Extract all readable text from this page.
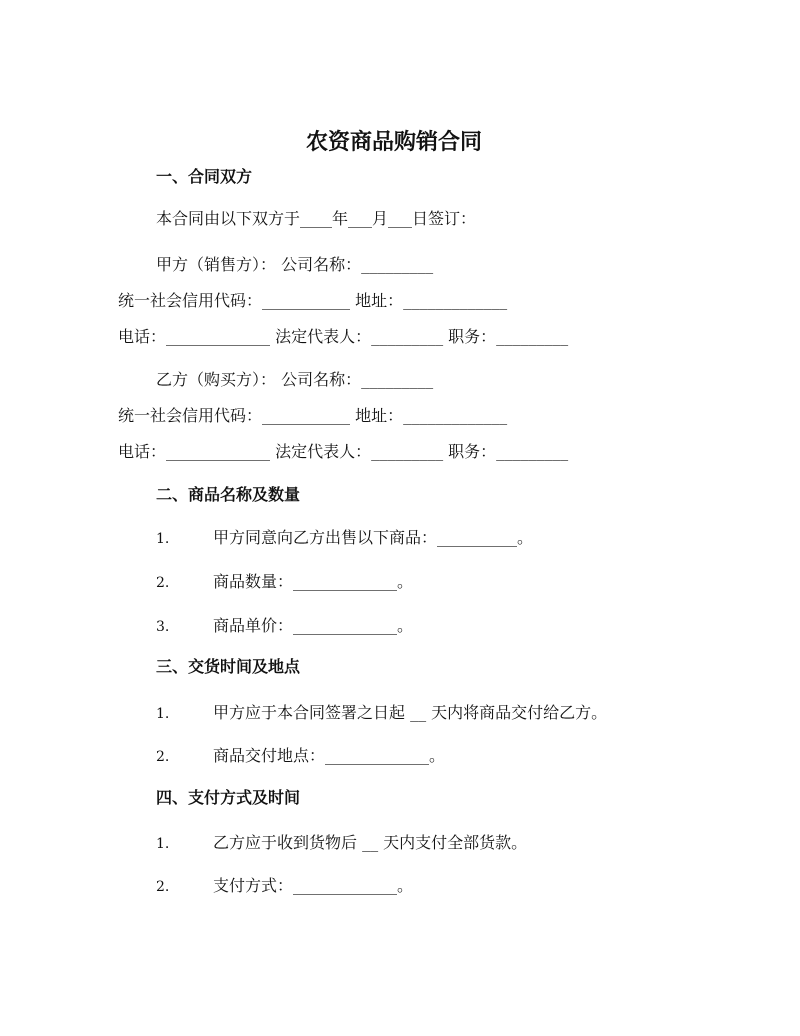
农资商品购销合同
一、合同双方
本合同由以下双方于____年___月___日签订：
甲方（销售方）： 公司名称：_________
统一社会信用代码：___________ 地址：_____________
电话：_____________ 法定代表人：_________ 职务：_________
乙方（购买方）： 公司名称：_________
统一社会信用代码：___________ 地址：_____________
电话：_____________ 法定代表人：_________ 职务：_________
二、商品名称及数量
1.	甲方同意向乙方出售以下商品：__________。
2.	商品数量：_____________。
3.	商品单价：_____________。
三、交货时间及地点
1.	甲方应于本合同签署之日起 __ 天内将商品交付给乙方。
2.	商品交付地点：_____________。
四、支付方式及时间
1.	乙方应于收到货物后 __ 天内支付全部货款。
2.	支付方式：_____________。
